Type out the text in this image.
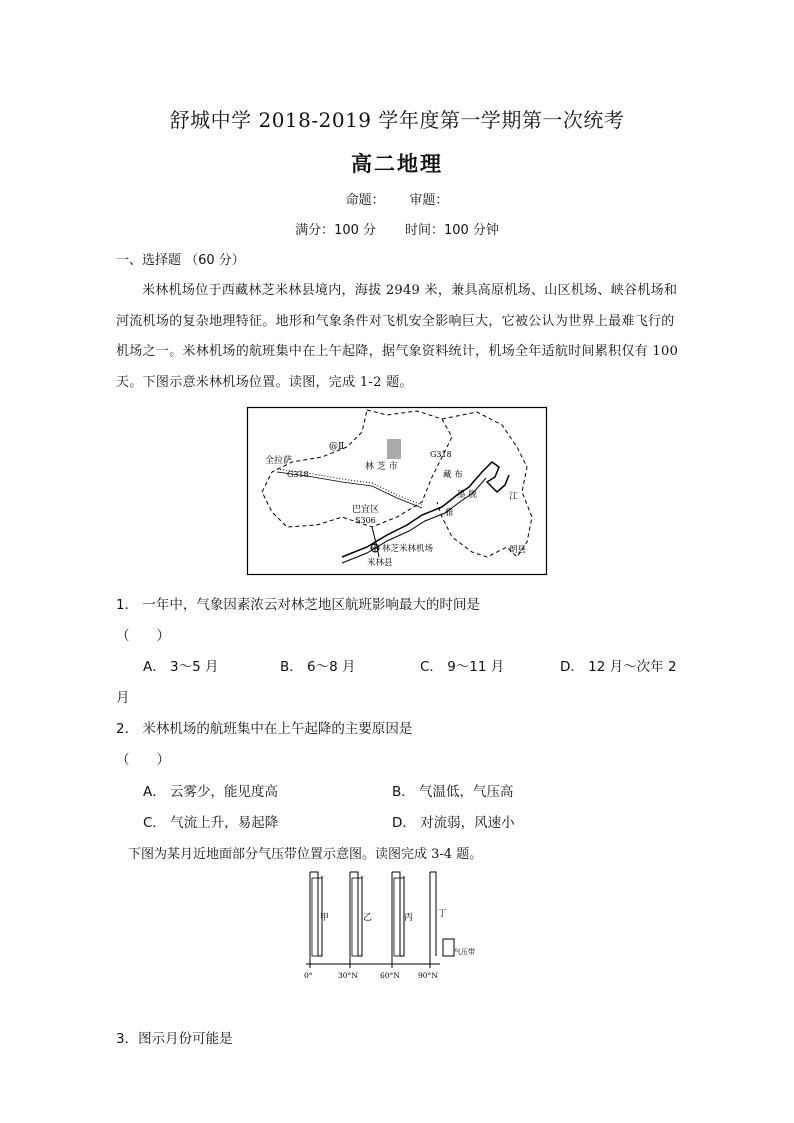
舒城中学 2018-2019 学年度第一学期第一次统考
高二地理
命题： 审题：
满分：100 分 时间：100 分钟
一、选择题 （60 分）
米林机场位于西藏林芝米林县境内，海拔 2949 米，兼具高原机场、山区机场、峡谷机场和河流机场的复杂地理特征。地形和气象条件对飞机安全影响巨大，它被公认为世界上最难飞行的机场之一。米林机场的航班集中在上午起降，据气象资料统计，机场全年适航时间累积仅有 100 天。下图示意米林机场位置。读图，完成 1-2 题。
@Ⅱ
林 芝 市
全拉萨
G318
G318
巴宜区
S306
林芝米林机场
米林县
朗县
江
墨 脱
雅
藏 布
1． 一年中，气象因素浓云对林芝地区航班影响最大的时间是
（　　）
A． 3～5 月	B． 6～8 月	C． 9～11 月	D． 12 月～次年 2
月
2． 米林机场的航班集中在上午起降的主要原因是
（　　）
A． 云雾少，能见度高	B． 气温低，气压高
C． 气流上升，易起降	D． 对流弱，风速小
下图为某月近地面部分气压带位置示意图。读图完成 3-4 题。
甲	乙	丙	丁
气压带
0°	30°N	60°N 90°N
3．图示月份可能是
